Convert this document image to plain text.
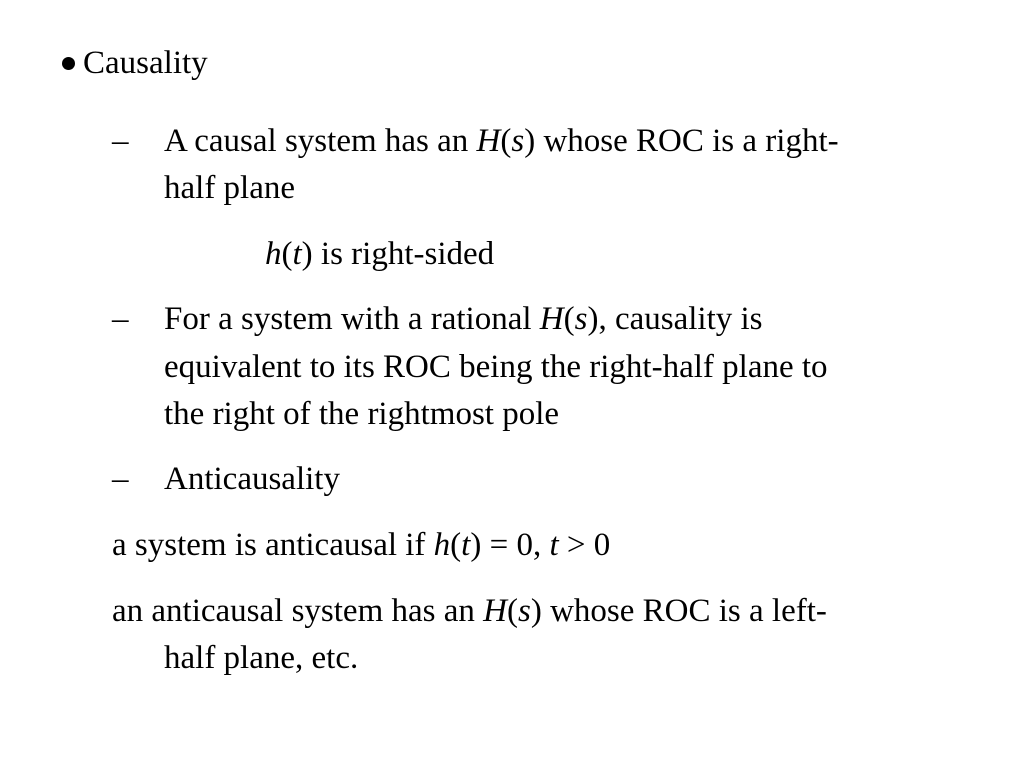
Causality
– A causal system has an H(s) whose ROC is a right-
half plane
h(t) is right-sided
– For a system with a rational H(s), causality is
equivalent to its ROC being the right-half plane to
the right of the rightmost pole
– Anticausality
a system is anticausal if h(t) = 0, t > 0
an anticausal system has an H(s) whose ROC is a left-
half plane, etc.
